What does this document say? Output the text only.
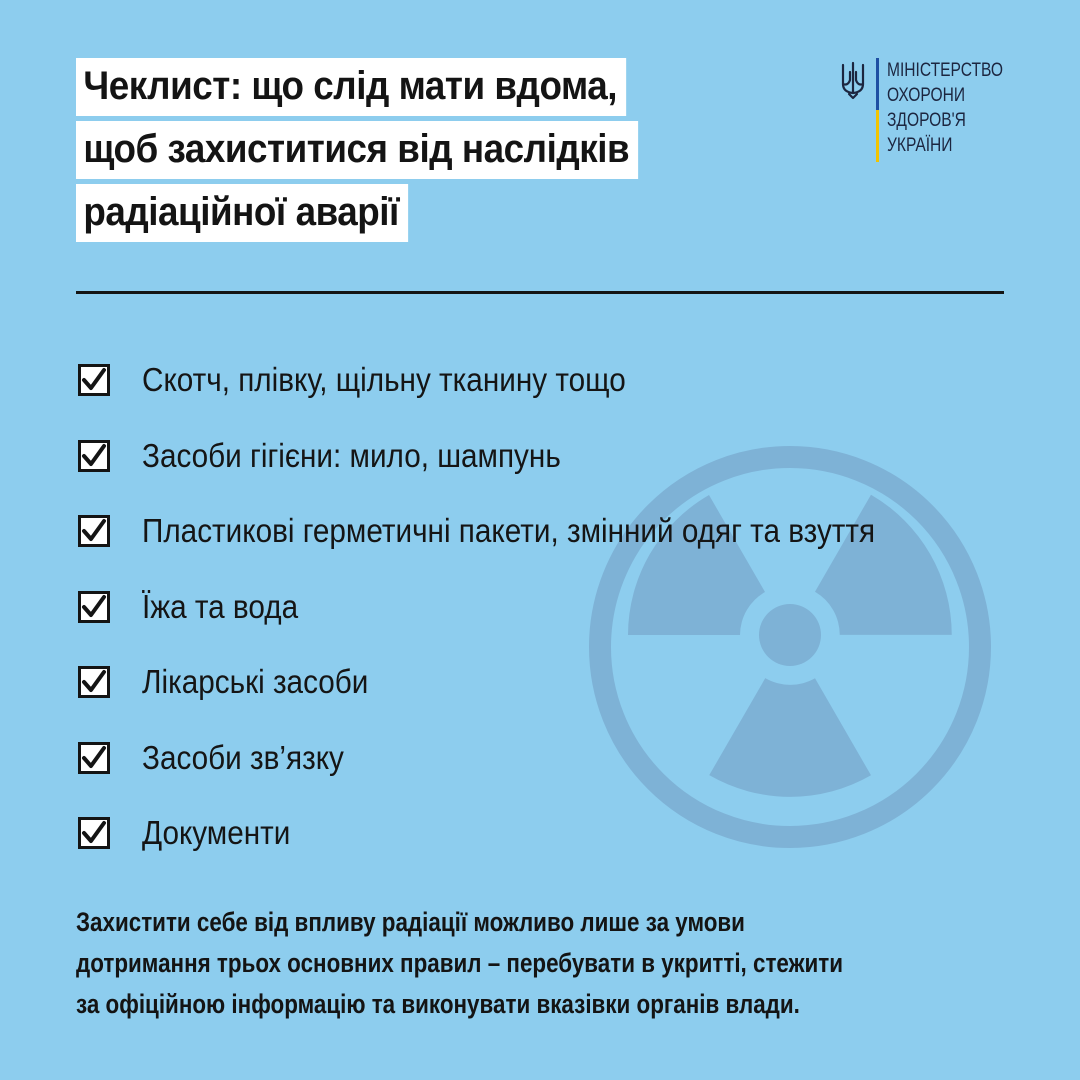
Чеклист: що слід мати вдома,
щоб захиститися від наслідків
радіаційної аварії
МІНІСТЕРСТВО
ОХОРОНИ
ЗДОРОВ'Я
УКРАЇНИ
Скотч, плівку, щільну тканину тощо
Засоби гігієни: мило, шампунь
Пластикові герметичні пакети, змінний одяг та взуття
Їжа та вода
Лікарські засоби
Засоби зв’язку
Документи
Захистити себе від впливу радіації можливо лише за умови
дотримання трьох основних правил – перебувати в укритті, стежити
за офіційною інформацію та виконувати вказівки органів влади.
